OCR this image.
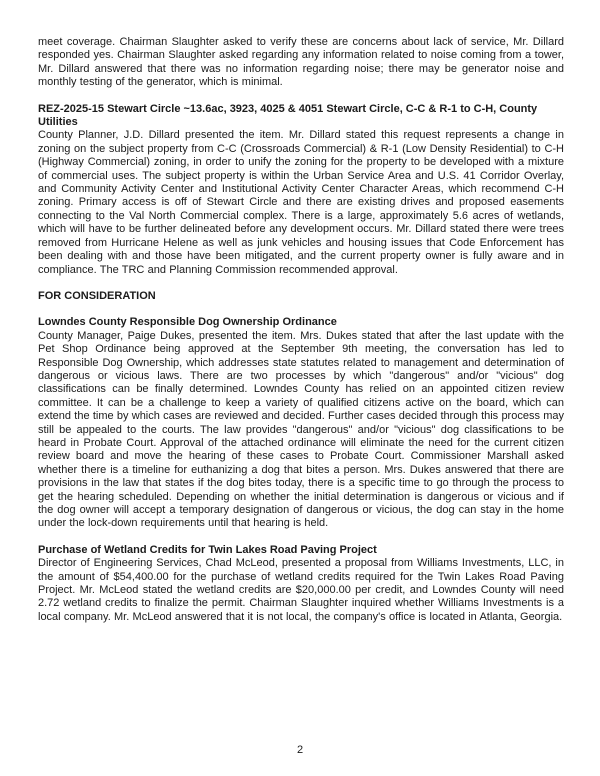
meet coverage. Chairman Slaughter asked to verify these are concerns about lack of service, Mr. Dillard responded yes. Chairman Slaughter asked regarding any information related to noise coming from a tower, Mr. Dillard answered that there was no information regarding noise; there may be generator noise and monthly testing of the generator, which is minimal.

REZ-2025-15 Stewart Circle ~13.6ac, 3923, 4025 & 4051 Stewart Circle, C-C & R-1 to C-H, County Utilities

County Planner, J.D. Dillard presented the item. Mr. Dillard stated this request represents a change in zoning on the subject property from C-C (Crossroads Commercial) & R-1 (Low Density Residential) to C-H (Highway Commercial) zoning, in order to unify the zoning for the property to be developed with a mixture of commercial uses. The subject property is within the Urban Service Area and U.S. 41 Corridor Overlay, and Community Activity Center and Institutional Activity Center Character Areas, which recommend C-H zoning. Primary access is off of Stewart Circle and there are existing drives and proposed easements connecting to the Val North Commercial complex. There is a large, approximately 5.6 acres of wetlands, which will have to be further delineated before any development occurs. Mr. Dillard stated there were trees removed from Hurricane Helene as well as junk vehicles and housing issues that Code Enforcement has been dealing with and those have been mitigated, and the current property owner is fully aware and in compliance. The TRC and Planning Commission recommended approval.

FOR CONSIDERATION
Lowndes County Responsible Dog Ownership Ordinance

County Manager, Paige Dukes, presented the item. Mrs. Dukes stated that after the last update with the Pet Shop Ordinance being approved at the September 9th meeting, the conversation has led to Responsible Dog Ownership, which addresses state statutes related to management and determination of dangerous or vicious laws. There are two processes by which "dangerous" and/or "vicious" dog classifications can be finally determined. Lowndes County has relied on an appointed citizen review committee. It can be a challenge to keep a variety of qualified citizens active on the board, which can extend the time by which cases are reviewed and decided. Further cases decided through this process may still be appealed to the courts. The law provides "dangerous" and/or "vicious" dog classifications to be heard in Probate Court. Approval of the attached ordinance will eliminate the need for the current citizen review board and move the hearing of these cases to Probate Court. Commissioner Marshall asked whether there is a timeline for euthanizing a dog that bites a person. Mrs. Dukes answered that there are provisions in the law that states if the dog bites today, there is a specific time to go through the process to get the hearing scheduled. Depending on whether the initial determination is dangerous or vicious and if the dog owner will accept a temporary designation of dangerous or vicious, the dog can stay in the home under the lock-down requirements until that hearing is held.

Purchase of Wetland Credits for Twin Lakes Road Paving Project

Director of Engineering Services, Chad McLeod, presented a proposal from Williams Investments, LLC, in the amount of $54,400.00 for the purchase of wetland credits required for the Twin Lakes Road Paving Project. Mr. McLeod stated the wetland credits are $20,000.00 per credit, and Lowndes County will need 2.72 wetland credits to finalize the permit. Chairman Slaughter inquired whether Williams Investments is a local company. Mr. McLeod answered that it is not local, the company's office is located in Atlanta, Georgia.

2
